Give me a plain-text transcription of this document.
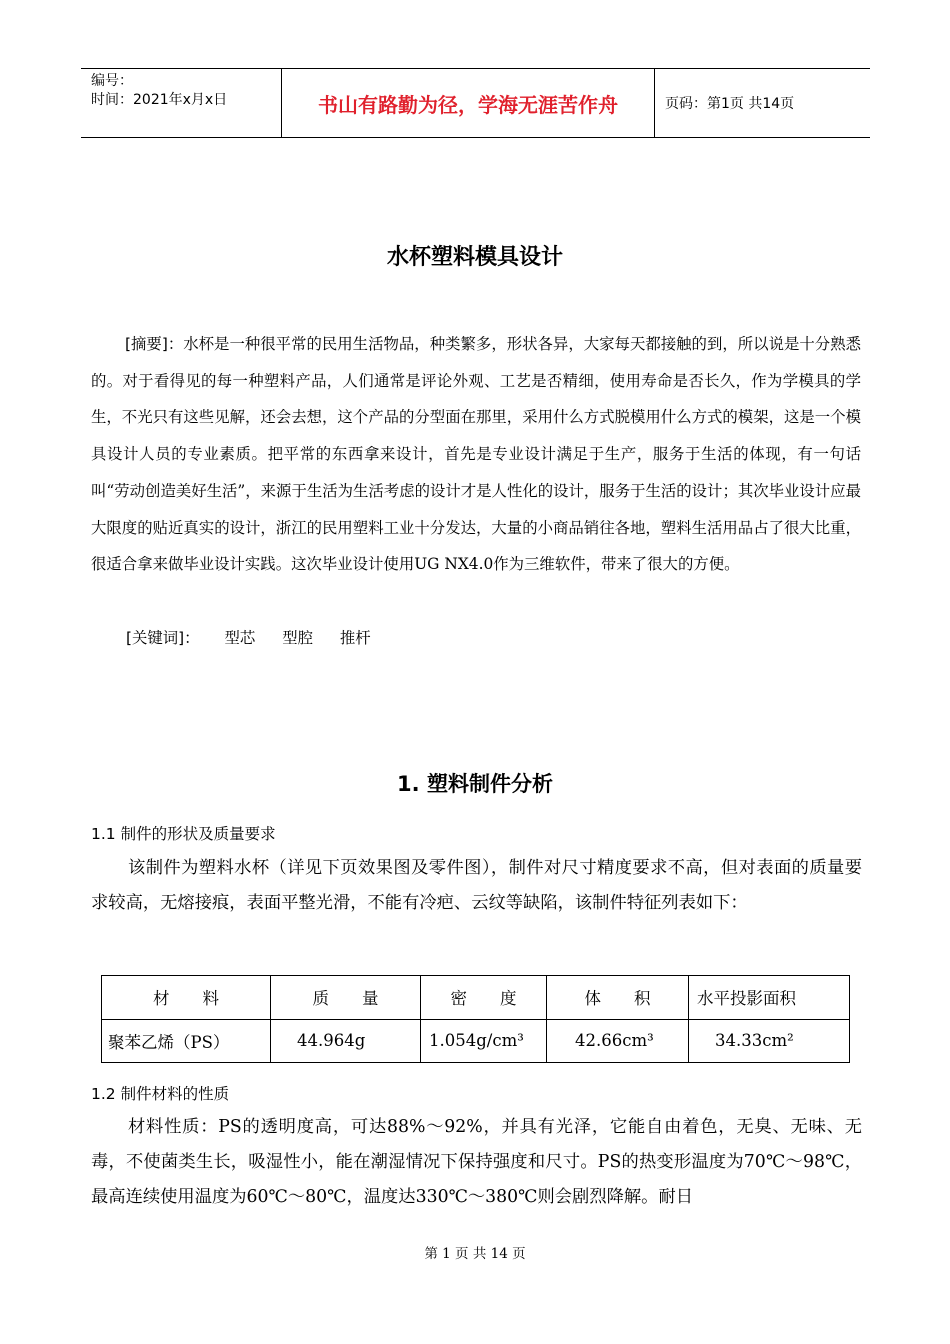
编号：
时间：2021年x月x日	书山有路勤为径，学海无涯苦作舟	页码：第1页 共14页
水杯塑料模具设计
[摘要]：水杯是一种很平常的民用生活物品，种类繁多，形状各异，大家每天都接触的到，所以说是十分熟悉的。对于看得见的每一种塑料产品，人们通常是评论外观、工艺是否精细，使用寿命是否长久，作为学模具的学生，不光只有这些见解，还会去想，这个产品的分型面在那里，采用什么方式脱模用什么方式的模架，这是一个模具设计人员的专业素质。把平常的东西拿来设计，首先是专业设计满足于生产，服务于生活的体现，有一句话叫“劳动创造美好生活”，来源于生活为生活考虑的设计才是人性化的设计，服务于生活的设计；其次毕业设计应最大限度的贴近真实的设计，浙江的民用塑料工业十分发达，大量的小商品销往各地，塑料生活用品占了很大比重，很适合拿来做毕业设计实践。这次毕业设计使用UG NX4.0作为三维软件，带来了很大的方便。
[关键词]： 型芯 型腔 推杆
1. 塑料制件分析
1.1 制件的形状及质量要求
该制件为塑料水杯（详见下页效果图及零件图），制件对尺寸精度要求不高，但对表面的质量要求较高，无熔接痕，表面平整光滑，不能有冷疤、云纹等缺陷，该制件特征列表如下：
材　　料	质　　量	密　　度	体　　积	水平投影面积
聚苯乙烯（PS）	44.964g	1.054g/cm³	42.66cm³	34.33cm²
1.2 制件材料的性质
材料性质：PS的透明度高，可达88%～92%，并具有光泽，它能自由着色，无臭、无味、无毒，不使菌类生长，吸湿性小，能在潮湿情况下保持强度和尺寸。PS的热变形温度为70℃～98℃，最高连续使用温度为60℃～80℃，温度达330℃～380℃则会剧烈降解。耐日
第 1 页 共 14 页
